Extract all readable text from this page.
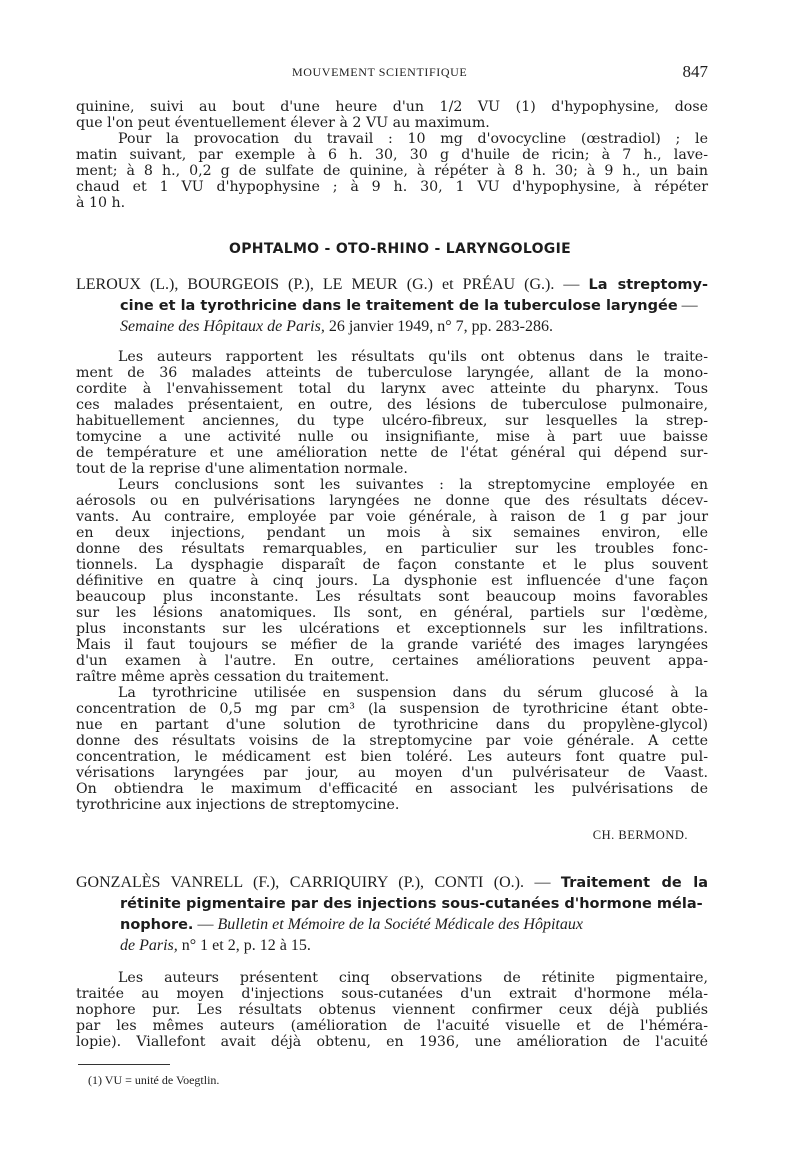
MOUVEMENT SCIENTIFIQUE	847
quinine, suivi au bout d'une heure d'un 1/2 VU (1) d'hypophysine, dose
que l'on peut éventuellement élever à 2 VU au maximum.
Pour la provocation du travail : 10 mg d'ovocycline (œstradiol) ; le
matin suivant, par exemple à 6 h. 30, 30 g d'huile de ricin; à 7 h., lave-
ment; à 8 h., 0,2 g de sulfate de quinine, à répéter à 8 h. 30; à 9 h., un bain
chaud et 1 VU d'hypophysine ; à 9 h. 30, 1 VU d'hypophysine, à répéter
à 10 h.
OPHTALMO - OTO-RHINO - LARYNGOLOGIE
LEROUX (L.), BOURGEOIS (P.), LE MEUR (G.) et PRÉAU (G.). — La streptomy-
cine et la tyrothricine dans le traitement de la tuberculose laryngée —
Semaine des Hôpitaux de Paris, 26 janvier 1949, n° 7, pp. 283-286.
Les auteurs rapportent les résultats qu'ils ont obtenus dans le traite-
ment de 36 malades atteints de tuberculose laryngée, allant de la mono-
cordite à l'envahissement total du larynx avec atteinte du pharynx. Tous
ces malades présentaient, en outre, des lésions de tuberculose pulmonaire,
habituellement anciennes, du type ulcéro-fibreux, sur lesquelles la strep-
tomycine a une activité nulle ou insignifiante, mise à part uue baisse
de température et une amélioration nette de l'état général qui dépend sur-
tout de la reprise d'une alimentation normale.
Leurs conclusions sont les suivantes : la streptomycine employée en
aérosols ou en pulvérisations laryngées ne donne que des résultats décev-
vants. Au contraire, employée par voie générale, à raison de 1 g par jour
en deux injections, pendant un mois à six semaines environ, elle
donne des résultats remarquables, en particulier sur les troubles fonc-
tionnels. La dysphagie disparaît de façon constante et le plus souvent
définitive en quatre à cinq jours. La dysphonie est influencée d'une façon
beaucoup plus inconstante. Les résultats sont beaucoup moins favorables
sur les lésions anatomiques. Ils sont, en général, partiels sur l'œdème,
plus inconstants sur les ulcérations et exceptionnels sur les infiltrations.
Mais il faut toujours se méfier de la grande variété des images laryngées
d'un examen à l'autre. En outre, certaines améliorations peuvent appa-
raître même après cessation du traitement.
La tyrothricine utilisée en suspension dans du sérum glucosé à la
concentration de 0,5 mg par cm³ (la suspension de tyrothricine étant obte-
nue en partant d'une solution de tyrothricine dans du propylène-glycol)
donne des résultats voisins de la streptomycine par voie générale. A cette
concentration, le médicament est bien toléré. Les auteurs font quatre pul-
vérisations laryngées par jour, au moyen d'un pulvérisateur de Vaast.
On obtiendra le maximum d'efficacité en associant les pulvérisations de
tyrothricine aux injections de streptomycine.
CH. BERMOND.
GONZALÈS VANRELL (F.), CARRIQUIRY (P.), CONTI (O.). — Traitement de la
rétinite pigmentaire par des injections sous-cutanées d'hormone méla-
nophore. — Bulletin et Mémoire de la Société Médicale des Hôpitaux
de Paris, n° 1 et 2, p. 12 à 15.
Les auteurs présentent cinq observations de rétinite pigmentaire,
traitée au moyen d'injections sous-cutanées d'un extrait d'hormone méla-
nophore pur. Les résultats obtenus viennent confirmer ceux déjà publiés
par les mêmes auteurs (amélioration de l'acuité visuelle et de l'héméra-
lopie). Viallefont avait déjà obtenu, en 1936, une amélioration de l'acuité
(1) VU = unité de Voegtlin.
